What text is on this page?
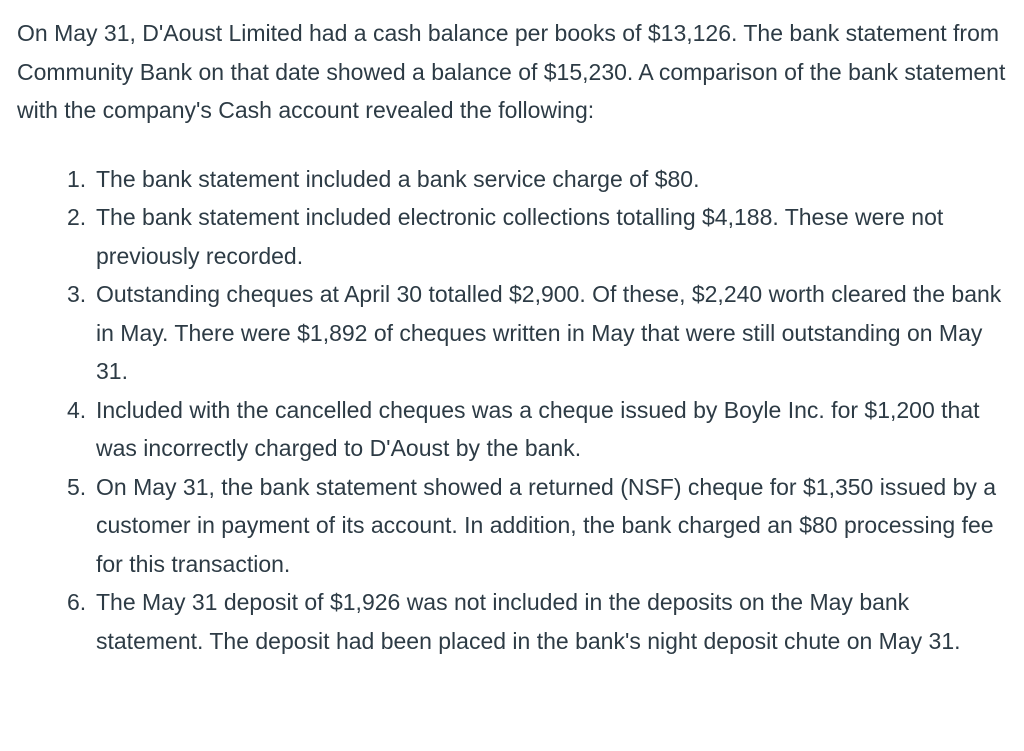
On May 31, D'Aoust Limited had a cash balance per books of $13,126. The bank statement from Community Bank on that date showed a balance of $15,230. A comparison of the bank statement with the company's Cash account revealed the following:

1. The bank statement included a bank service charge of $80.
2. The bank statement included electronic collections totalling $4,188. These were not previously recorded.
3. Outstanding cheques at April 30 totalled $2,900. Of these, $2,240 worth cleared the bank in May. There were $1,892 of cheques written in May that were still outstanding on May 31.
4. Included with the cancelled cheques was a cheque issued by Boyle Inc. for $1,200 that was incorrectly charged to D'Aoust by the bank.
5. On May 31, the bank statement showed a returned (NSF) cheque for $1,350 issued by a customer in payment of its account. In addition, the bank charged an $80 processing fee for this transaction.
6. The May 31 deposit of $1,926 was not included in the deposits on the May bank statement. The deposit had been placed in the bank's night deposit chute on May 31.
